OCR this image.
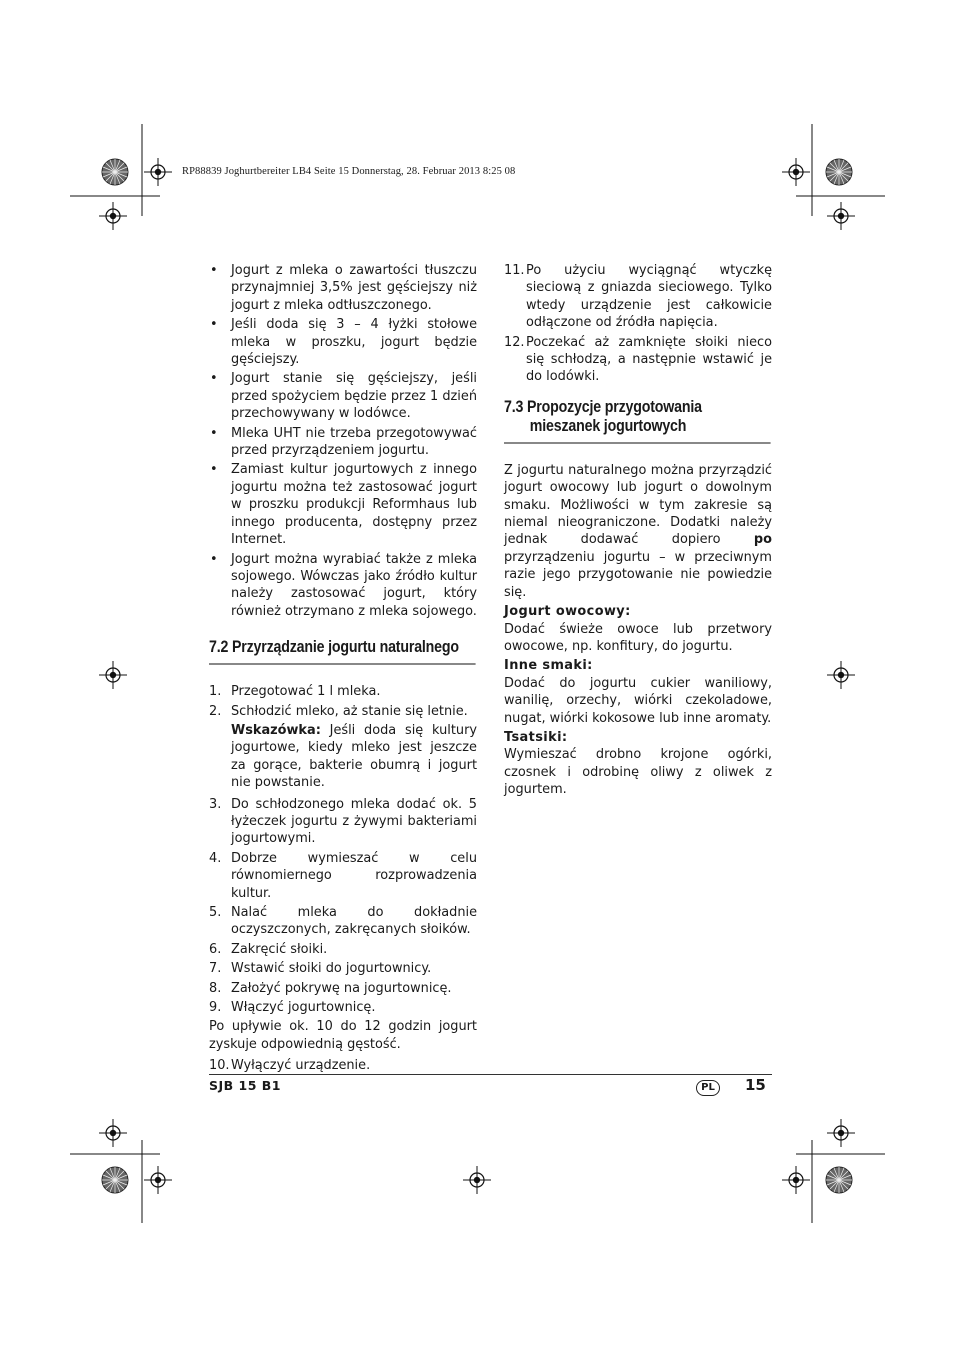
RP88839 Joghurtbereiter LB4 Seite 15 Donnerstag, 28. Februar 2013 8:25 08
• Jogurt z mleka o zawartości tłuszczu przynajmniej 3,5% jest gęściejszy niż jogurt z mleka odtłuszczonego.
• Jeśli doda się 3 – 4 łyżki stołowe mleka w proszku, jogurt będzie gęściejszy.
• Jogurt stanie się gęściejszy, jeśli przed spożyciem będzie przez 1 dzień przechowywany w lodówce.
• Mleka UHT nie trzeba przegotowywać przed przyrządzeniem jogurtu.
• Zamiast kultur jogurtowych z innego jogurtu można też zastosować jogurt w proszku produkcji Reformhaus lub innego producenta, dostępny przez Internet.
• Jogurt można wyrabiać także z mleka sojowego. Wówczas jako źródło kultur należy zastosować jogurt, który również otrzymano z mleka sojowego.
7.2 Przyrządzanie jogurtu naturalnego
1. Przegotować 1 l mleka.
2. Schłodzić mleko, aż stanie się letnie.

Wskazówka: Jeśli doda się kultury jogurtowe, kiedy mleko jest jeszcze za gorące, bakterie obumrą i jogurt nie powstanie.

3. Do schłodzonego mleka dodać ok. 5 łyżeczek jogurtu z żywymi bakteriami jogurtowymi.
4. Dobrze wymieszać w celu równomiernego rozprowadzenia kultur.
5. Nalać mleka do dokładnie oczyszczonych, zakręcanych słoików.
6. Zakręcić słoiki.
7. Wstawić słoiki do jogurtownicy.
8. Założyć pokrywę na jogurtownicę.
9. Włączyć jogurtownicę.

Po upływie ok. 10 do 12 godzin jogurt zyskuje odpowiednią gęstość.

10. Wyłączyć urządzenie.
11. Po użyciu wyciągnąć wtyczkę sieciową z gniazda sieciowego. Tylko wtedy urządzenie jest całkowicie odłączone od źródła napięcia.
12. Poczekać aż zamknięte słoiki nieco się schłodzą, a następnie wstawić je do lodówki.
7.3 Propozycje przygotowania
mieszanek jogurtowych

Z jogurtu naturalnego można przyrządzić jogurt owocowy lub jogurt o dowolnym smaku. Możliwości w tym zakresie są niemal nieograniczone. Dodatki należy jednak dodawać dopiero po przyrządzeniu jogurtu – w przeciwnym razie jego przygotowanie nie powiedzie się.

Jogurt owocowy:

Dodać świeże owoce lub przetwory owocowe, np. konfitury, do jogurtu.

Inne smaki:

Dodać do jogurtu cukier waniliowy, wanilię, orzechy, wiórki czekoladowe, nugat, wiórki kokosowe lub inne aromaty.

Tsatsiki:

Wymieszać drobno krojone ogórki, czosnek i odrobinę oliwy z oliwek z jogurtem.

SJB 15 B1	PL	15
